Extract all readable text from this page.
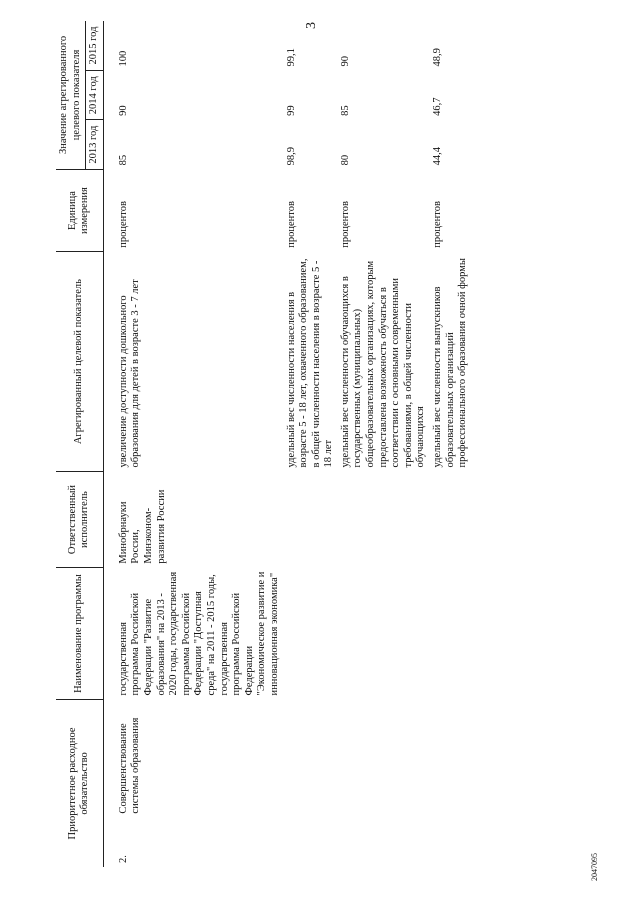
3
2047095
Приоритетное расходное обязательство		Наименование программы	Ответственный исполнитель	Агрегированный целевой показатель	Единица измерения	Значение агрегированного целевого показателя		
						2013 год	2014 год	2015 год
2.	Совершенствование системы образования	государственная программа Российской Федерации "Развитие образования" на 2013 - 2020 годы, государственная программа Российской Федерации "Доступная среда" на 2011 - 2015 годы, государственная программа Российской Федерации "Экономическое развитие и инновационная экономика"	Минобрнауки России, Минэконом-развития России	увеличение доступности дошкольного образования для детей в возрасте 3 - 7 лет	процентов	85	90	100
				удельный вес численности населения в возрасте 5 - 18 лет, охваченного образованием, в общей численности населения в возрасте 5 - 18 лет	процентов	98,9	99	99,1
				удельный вес численности обучающихся в государственных (муниципальных) общеобразовательных организациях, которым предоставлена возможность обучаться в соответствии с основными современными требованиями, в общей численности обучающихся	процентов	80	85	90
				удельный вес численности выпускников образовательных организаций профессионального образования очной формы	процентов	44,4	46,7	48,9
